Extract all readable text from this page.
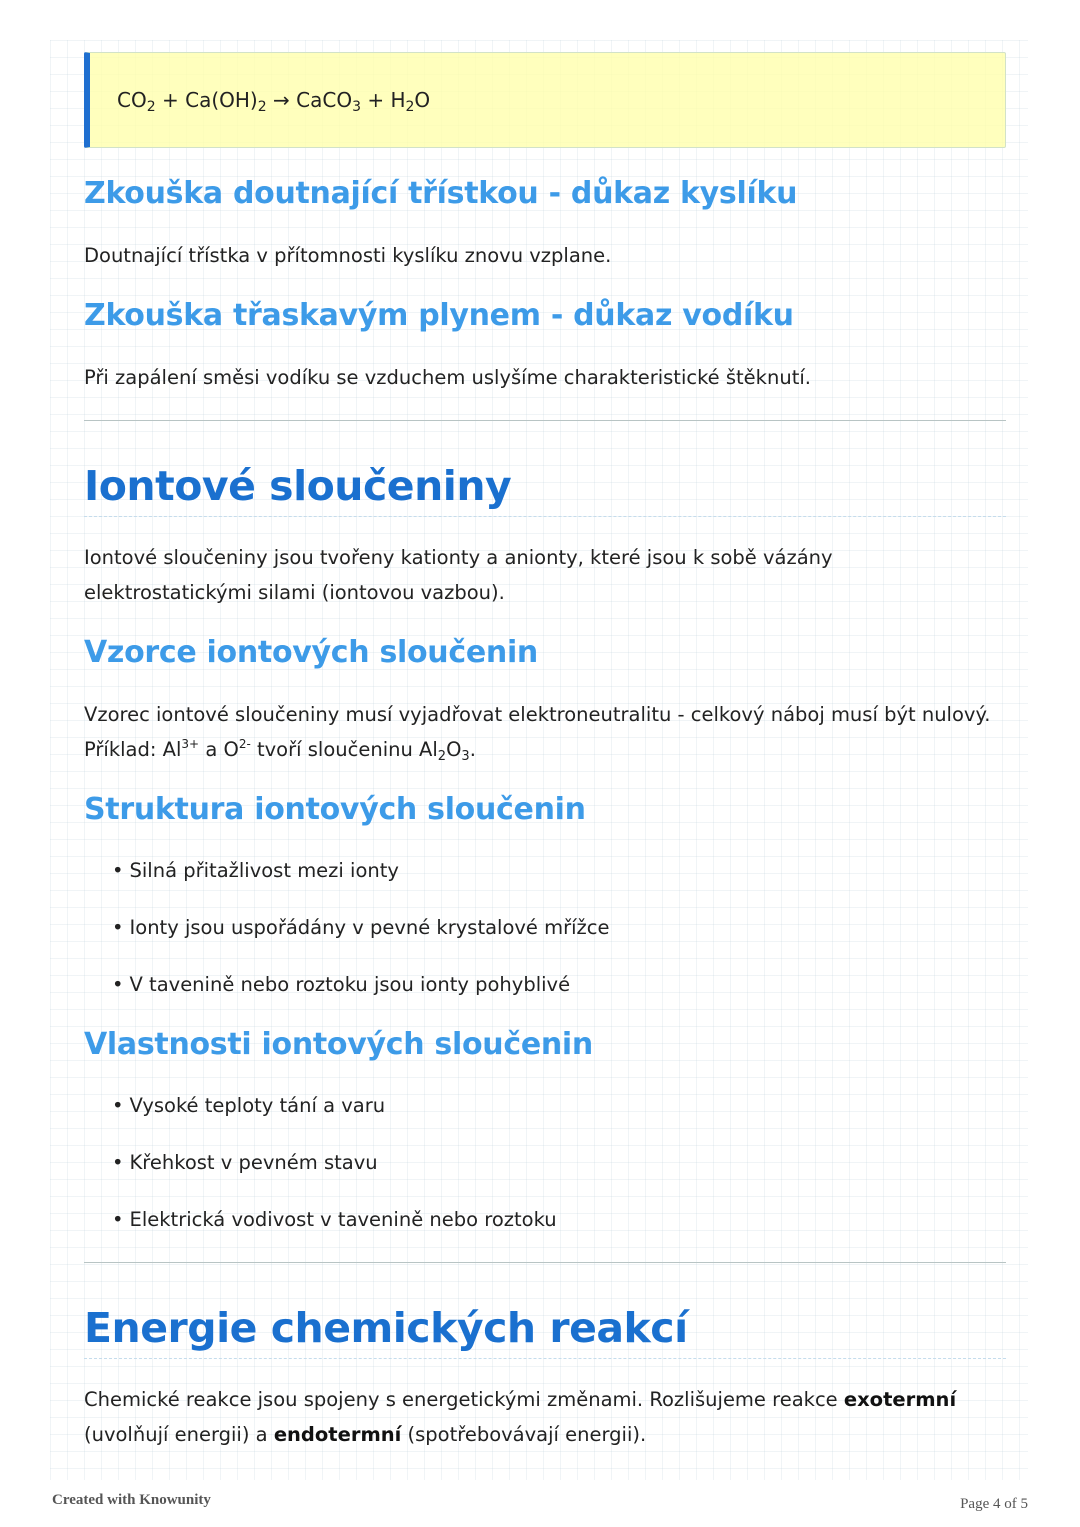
$CO_2 + Ca(OH)_2$ → CaCO$_3$ + $H_2O$
Zkouška doutnající třístkou - důkaz kyslíku

Doutnající třístka v přítomnosti kyslíku znovu vzplane.

Zkouška třaskavým plynem - důkaz vodíku

Při zapálení směsi vodíku se vzduchem uslyšíme charakteristické štěknutí.

Iontové sloučeniny

Iontové sloučeniny jsou tvořeny kationty a anionty, které jsou k sobě vázány elektrostatickými silami (iontovou vazbou).

Vzorce iontových sloučenin

Vzorec iontové sloučeniny musí vyjadřovat elektroneutralitu - celkový náboj musí být nulový. Příklad: $Al^{3+}$ a $O^{2-}$ tvoří sloučeninu $Al_2O_3$.

Struktura iontových sloučenin
• Silná přitažlivost mezi ionty
• Ionty jsou uspořádány v pevné krystalové mřížce
• V tavenině nebo roztoku jsou ionty pohyblivé
Vlastnosti iontových sloučenin
• Vysoké teploty tání a varu
• Křehkost v pevném stavu
• Elektrická vodivost v tavenině nebo roztoku
Energie chemických reakcí

Chemické reakce jsou spojeny s energetickými změnami. Rozlišujeme reakce exotermní (uvolňují energii) a endotermní (spotřebovávají energii).

Created with Knowunity	Page 4 of 5
